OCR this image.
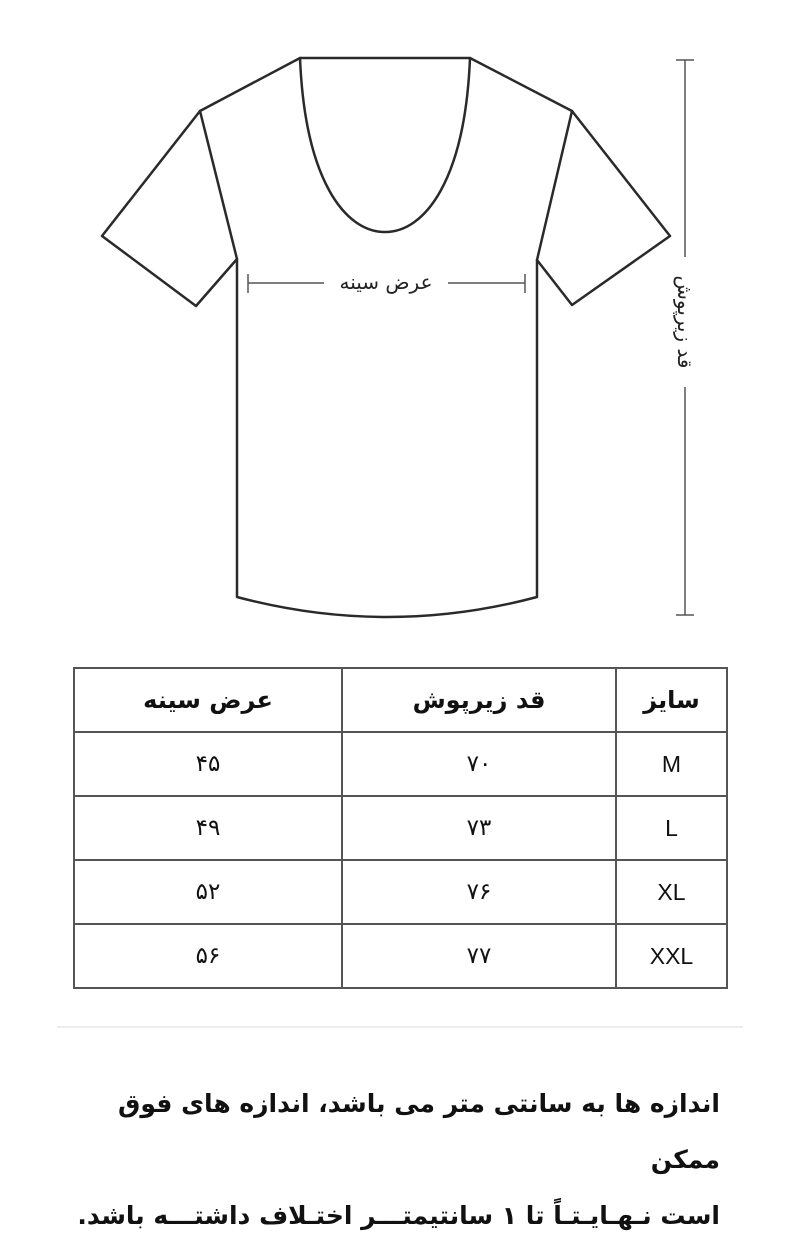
عرض سینه	قد زیرپوش
سایز	قد زیرپوش	عرض سینه
M	۷۰	۴۵
L	۷۳	۴۹
XL	۷۶	۵۲
XXL	۷۷	۵۶

اندازه ها به سانتی متر می باشد، اندازه های فوق ممکن

است نـهـایـتـاً تا ۱ سانتیمتـــر اختـلاف داشتـــه باشد.
